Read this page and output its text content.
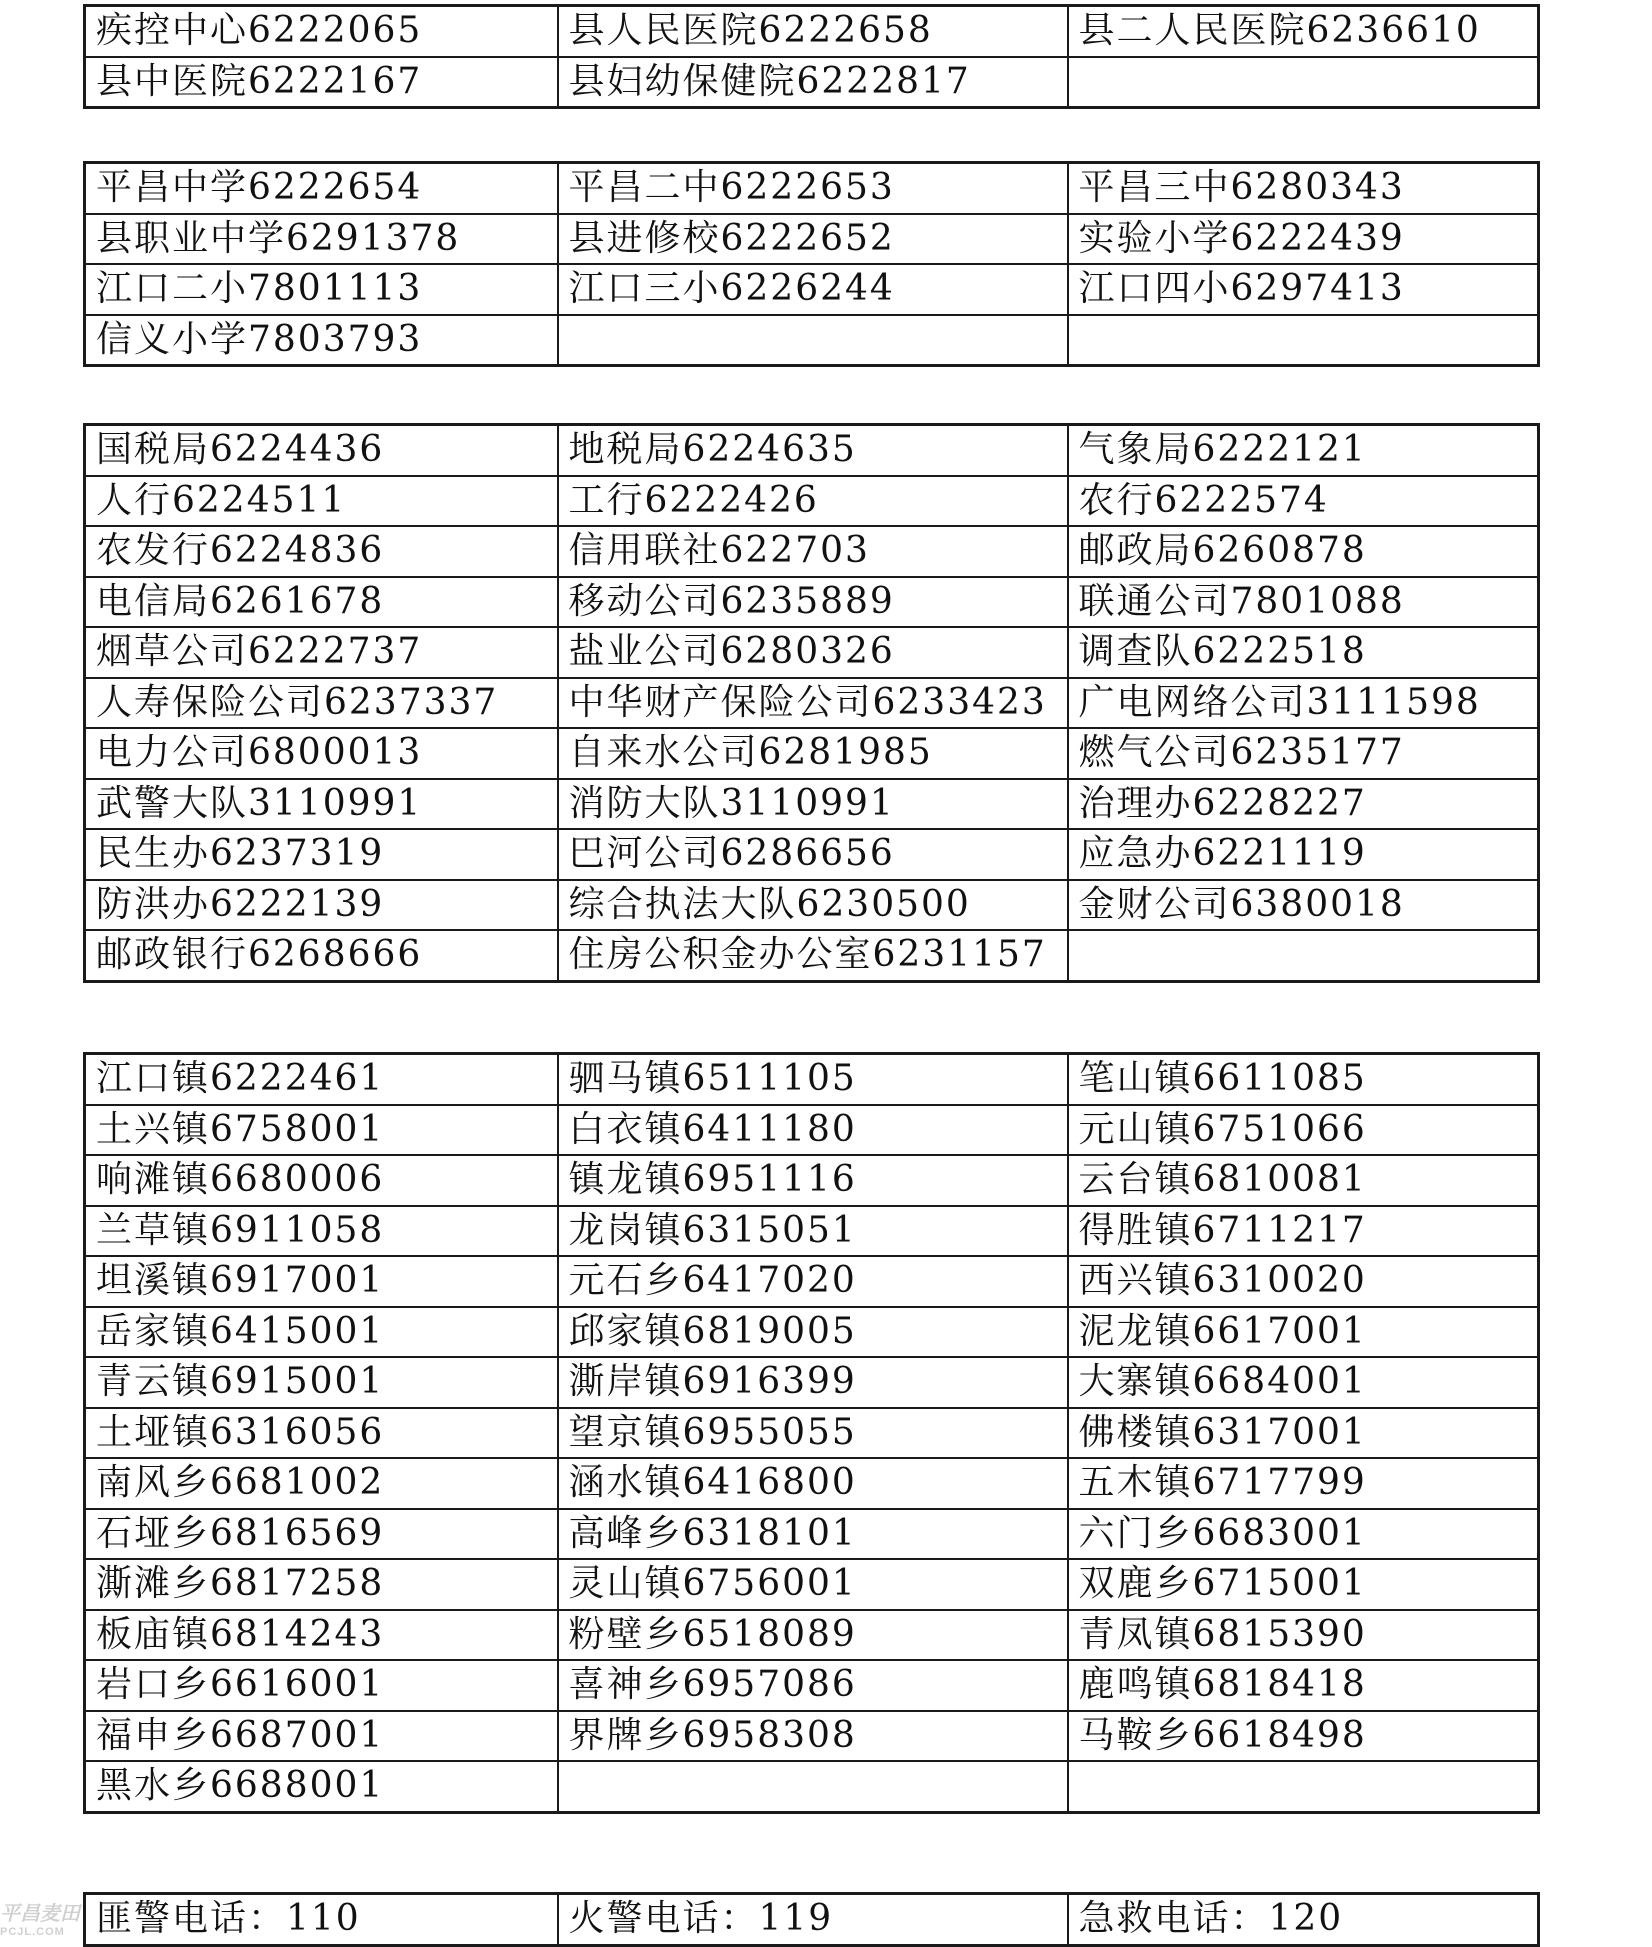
疾控中心6222065	县人民医院6222658	县二人民医院6236610
县中医院6222167	县妇幼保健院6222817	
平昌中学6222654	平昌二中6222653	平昌三中6280343
县职业中学6291378	县进修校6222652	实验小学6222439
江口二小7801113	江口三小6226244	江口四小6297413
信义小学7803793		
国税局6224436	地税局6224635	气象局6222121
人行6224511	工行6222426	农行6222574
农发行6224836	信用联社622703	邮政局6260878
电信局6261678	移动公司6235889	联通公司7801088
烟草公司6222737	盐业公司6280326	调查队6222518
人寿保险公司6237337	中华财产保险公司6233423	广电网络公司3111598
电力公司6800013	自来水公司6281985	燃气公司6235177
武警大队3110991	消防大队3110991	治理办6228227
民生办6237319	巴河公司6286656	应急办6221119
防洪办6222139	综合执法大队6230500	金财公司6380018
邮政银行6268666	住房公积金办公室6231157	
江口镇6222461	驷马镇6511105	笔山镇6611085
土兴镇6758001	白衣镇6411180	元山镇6751066
响滩镇6680006	镇龙镇6951116	云台镇6810081
兰草镇6911058	龙岗镇6315051	得胜镇6711217
坦溪镇6917001	元石乡6417020	西兴镇6310020
岳家镇6415001	邱家镇6819005	泥龙镇6617001
青云镇6915001	澌岸镇6916399	大寨镇6684001
土垭镇6316056	望京镇6955055	佛楼镇6317001
南风乡6681002	涵水镇6416800	五木镇6717799
石垭乡6816569	高峰乡6318101	六门乡6683001
澌滩乡6817258	灵山镇6756001	双鹿乡6715001
板庙镇6814243	粉壁乡6518089	青凤镇6815390
岩口乡6616001	喜神乡6957086	鹿鸣镇6818418
福申乡6687001	界牌乡6958308	马鞍乡6618498
黑水乡6688001		
匪警电话：110	火警电话：119	急救电话：120
平昌麦田
PCJL.COM
